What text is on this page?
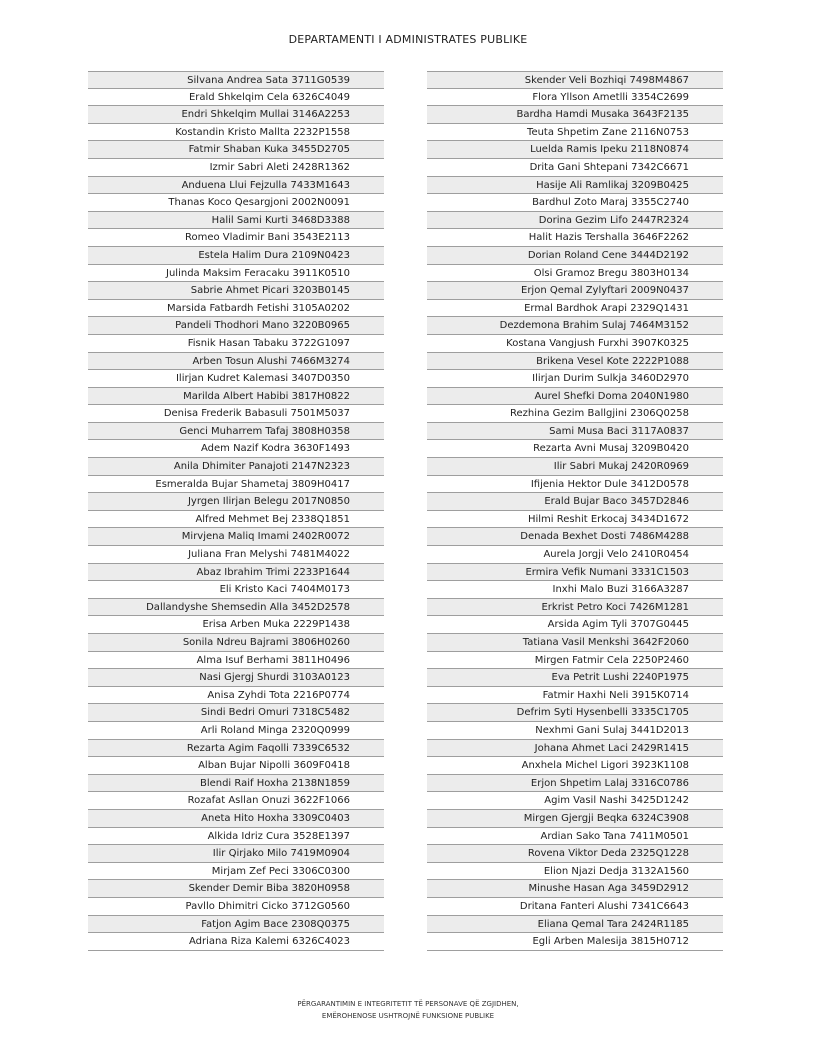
DEPARTAMENTI I ADMINISTRATES PUBLIKE
Silvana Andrea Sata 3711G0539
Erald Shkelqim Cela 6326C4049
Endri Shkelqim Mullai 3146A2253
Kostandin Kristo Mallta 2232P1558
Fatmir Shaban Kuka 3455D2705
Izmir Sabri Aleti 2428R1362
Anduena Llui Fejzulla 7433M1643
Thanas Koco Qesargjoni 2002N0091
Halil Sami Kurti 3468D3388
Romeo Vladimir Bani 3543E2113
Estela Halim Dura 2109N0423
Julinda Maksim Feracaku 3911K0510
Sabrie Ahmet Picari 3203B0145
Marsida Fatbardh Fetishi 3105A0202
Pandeli Thodhori Mano 3220B0965
Fisnik Hasan Tabaku 3722G1097
Arben Tosun Alushi 7466M3274
Ilirjan Kudret Kalemasi 3407D0350
Marilda Albert Habibi 3817H0822
Denisa Frederik Babasuli 7501M5037
Genci Muharrem Tafaj 3808H0358
Adem Nazif Kodra 3630F1493
Anila Dhimiter Panajoti 2147N2323
Esmeralda Bujar Shametaj 3809H0417
Jyrgen Ilirjan Belegu 2017N0850
Alfred Mehmet Bej 2338Q1851
Mirvjena Maliq Imami 2402R0072
Juliana Fran Melyshi 7481M4022
Abaz Ibrahim Trimi 2233P1644
Eli Kristo Kaci 7404M0173
Dallandyshe Shemsedin Alla 3452D2578
Erisa Arben Muka 2229P1438
Sonila Ndreu Bajrami 3806H0260
Alma Isuf Berhami 3811H0496
Nasi Gjergj Shurdi 3103A0123
Anisa Zyhdi Tota 2216P0774
Sindi Bedri Omuri 7318C5482
Arli Roland Minga 2320Q0999
Rezarta Agim Faqolli 7339C6532
Alban Bujar Nipolli 3609F0418
Blendi Raif Hoxha 2138N1859
Rozafat Asllan Onuzi 3622F1066
Aneta Hito Hoxha 3309C0403
Alkida Idriz Cura 3528E1397
Ilir Qirjako Milo 7419M0904
Mirjam Zef Peci 3306C0300
Skender Demir Biba 3820H0958
Pavllo Dhimitri Cicko 3712G0560
Fatjon Agim Bace 2308Q0375
Adriana Riza Kalemi 6326C4023
Skender Veli Bozhiqi 7498M4867
Flora Yllson Ametlli 3354C2699
Bardha Hamdi Musaka 3643F2135
Teuta Shpetim Zane 2116N0753
Luelda Ramis Ipeku 2118N0874
Drita Gani Shtepani 7342C6671
Hasije Ali Ramlikaj 3209B0425
Bardhul Zoto Maraj 3355C2740
Dorina Gezim Lifo 2447R2324
Halit Hazis Tershalla 3646F2262
Dorian Roland Cene 3444D2192
Olsi Gramoz Bregu 3803H0134
Erjon Qemal Zylyftari 2009N0437
Ermal Bardhok Arapi 2329Q1431
Dezdemona Brahim Sulaj 7464M3152
Kostana Vangjush Furxhi 3907K0325
Brikena Vesel Kote 2222P1088
Ilirjan Durim Sulkja 3460D2970
Aurel Shefki Doma 2040N1980
Rezhina Gezim Ballgjini 2306Q0258
Sami Musa Baci 3117A0837
Rezarta Avni Musaj 3209B0420
Ilir Sabri Mukaj 2420R0969
Ifijenia Hektor Dule 3412D0578
Erald Bujar Baco 3457D2846
Hilmi Reshit Erkocaj 3434D1672
Denada Bexhet Dosti 7486M4288
Aurela Jorgji Velo 2410R0454
Ermira Vefik Numani 3331C1503
Inxhi Malo Buzi 3166A3287
Erkrist Petro Koci 7426M1281
Arsida Agim Tyli 3707G0445
Tatiana Vasil Menkshi 3642F2060
Mirgen Fatmir Cela 2250P2460
Eva Petrit Lushi 2240P1975
Fatmir Haxhi Neli 3915K0714
Defrim Syti Hysenbelli 3335C1705
Nexhmi Gani Sulaj 3441D2013
Johana Ahmet Laci 2429R1415
Anxhela Michel Ligori 3923K1108
Erjon Shpetim Lalaj 3316C0786
Agim Vasil Nashi 3425D1242
Mirgen Gjergji Beqka 6324C3908
Ardian Sako Tana 7411M0501
Rovena Viktor Deda 2325Q1228
Elion Njazi Dedja 3132A1560
Minushe Hasan Aga 3459D2912
Dritana Fanteri Alushi 7341C6643
Eliana Qemal Tara 2424R1185
Egli Arben Malesija 3815H0712
PËRGARANTIMIN E INTEGRITETIT TË PERSONAVE QË ZGJIDHEN,
EMËROHENOSE USHTROJNË FUNKSIONE PUBLIKE
